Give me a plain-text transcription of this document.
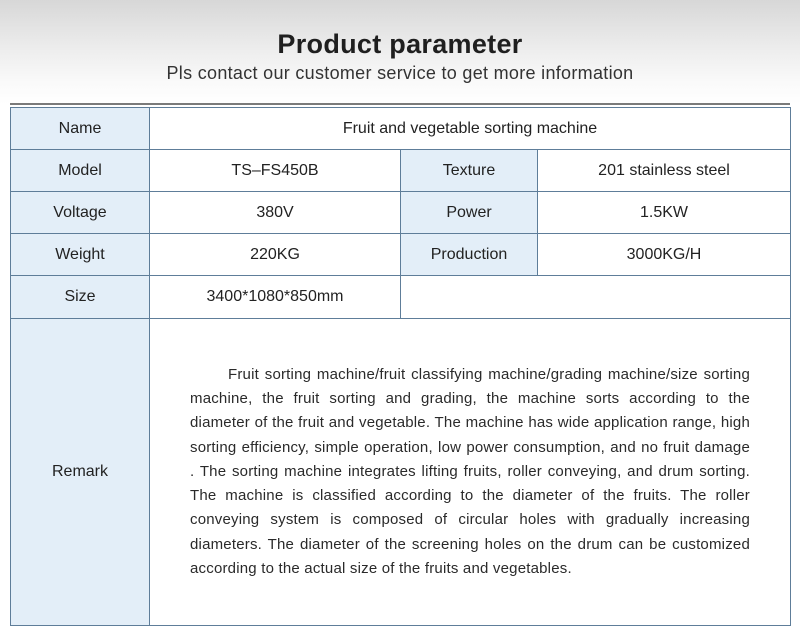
Product parameter
Pls contact our customer service to get more information
Name	Fruit and vegetable sorting machine		
Model	TS–FS450B	Texture	201 stainless steel
Voltage	380V	Power	1.5KW
Weight	220KG	Production	3000KG/H
Size	3400*1080*850mm		
Remark	Fruit sorting machine/fruit classifying machine/grading machine/size sorting machine, the fruit sorting and grading, the machine sorts according to the diameter of the fruit and vegetable. The machine has wide application range, high sorting efficiency, simple operation, low power consumption, and no fruit damage . The sorting machine integrates lifting fruits, roller conveying, and drum sorting. The machine is classified according to the diameter of the fruits. The roller conveying system is composed of circular holes with gradually increasing diameters. The diameter of the screening holes on the drum can be customized according to the actual size of the fruits and vegetables.		
